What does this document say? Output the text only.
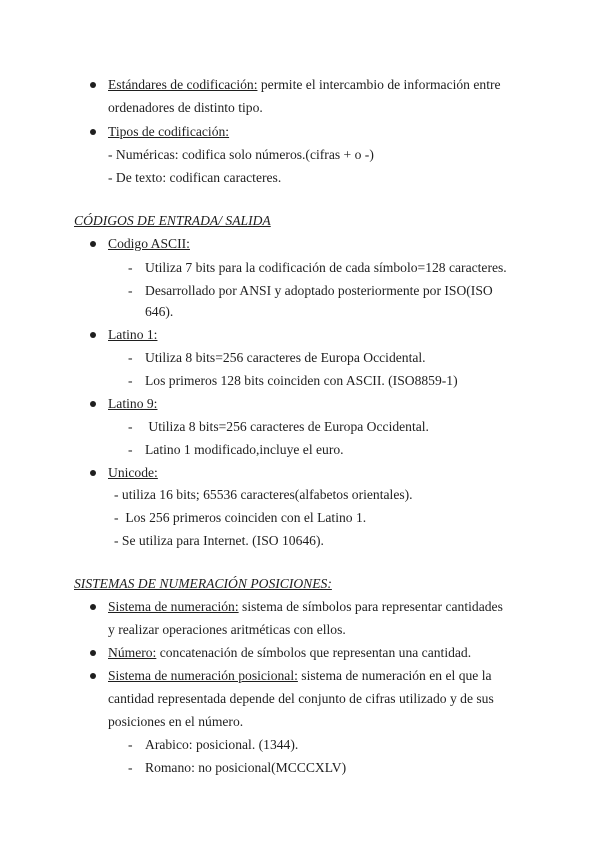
Estándares de codificación: permite el intercambio de información entre
ordenadores de distinto tipo.
Tipos de codificación:
- Numéricas: codifica solo números.(cifras + o -)
- De texto: codifican caracteres.
CÓDIGOS DE ENTRADA/ SALIDA
Codigo ASCII:
- Utiliza 7 bits para la codificación de cada símbolo=128 caracteres.
- Desarrollado por ANSI y adoptado posteriormente por ISO(ISO
646).
Latino 1:
- Utiliza 8 bits=256 caracteres de Europa Occidental.
- Los primeros 128 bits coinciden con ASCII. (ISO8859-1)
Latino 9:
- Utiliza 8 bits=256 caracteres de Europa Occidental.
- Latino 1 modificado,incluye el euro.
Unicode:
- utiliza 16 bits; 65536 caracteres(alfabetos orientales).
-  Los 256 primeros coinciden con el Latino 1.
- Se utiliza para Internet. (ISO 10646).
SISTEMAS DE NUMERACIÓN POSICIONES:
Sistema de numeración: sistema de símbolos para representar cantidades
y realizar operaciones aritméticas con ellos.
Número: concatenación de símbolos que representan una cantidad.
Sistema de numeración posicional: sistema de numeración en el que la
cantidad representada depende del conjunto de cifras utilizado y de sus
posiciones en el número.
- Arabico: posicional. (1344).
- Romano: no posicional(MCCCXLV)
